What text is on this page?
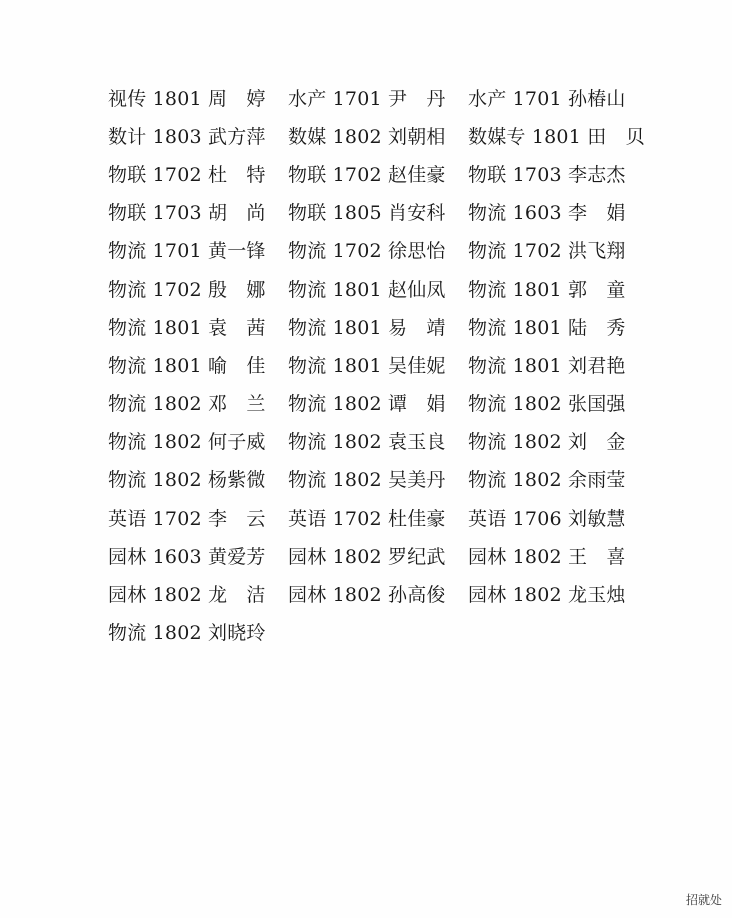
视传 1801 周　婷	水产 1701 尹　丹	水产 1701 孙椿山
数计 1803 武方萍	数媒 1802 刘朝相	数媒专 1801 田　贝
物联 1702 杜　特	物联 1702 赵佳豪	物联 1703 李志杰
物联 1703 胡　尚	物联 1805 肖安科	物流 1603 李　娟
物流 1701 黄一锋	物流 1702 徐思怡	物流 1702 洪飞翔
物流 1702 殷　娜	物流 1801 赵仙凤	物流 1801 郭　童
物流 1801 袁　茜	物流 1801 易　靖	物流 1801 陆　秀
物流 1801 喻　佳	物流 1801 吴佳妮	物流 1801 刘君艳
物流 1802 邓　兰	物流 1802 谭　娟	物流 1802 张国强
物流 1802 何子威	物流 1802 袁玉良	物流 1802 刘　金
物流 1802 杨紫微	物流 1802 吴美丹	物流 1802 余雨莹
英语 1702 李　云	英语 1702 杜佳豪	英语 1706 刘敏慧
园林 1603 黄爱芳	园林 1802 罗纪武	园林 1802 王　喜
园林 1802 龙　洁	园林 1802 孙高俊	园林 1802 龙玉烛
物流 1802 刘晓玲
招就处
